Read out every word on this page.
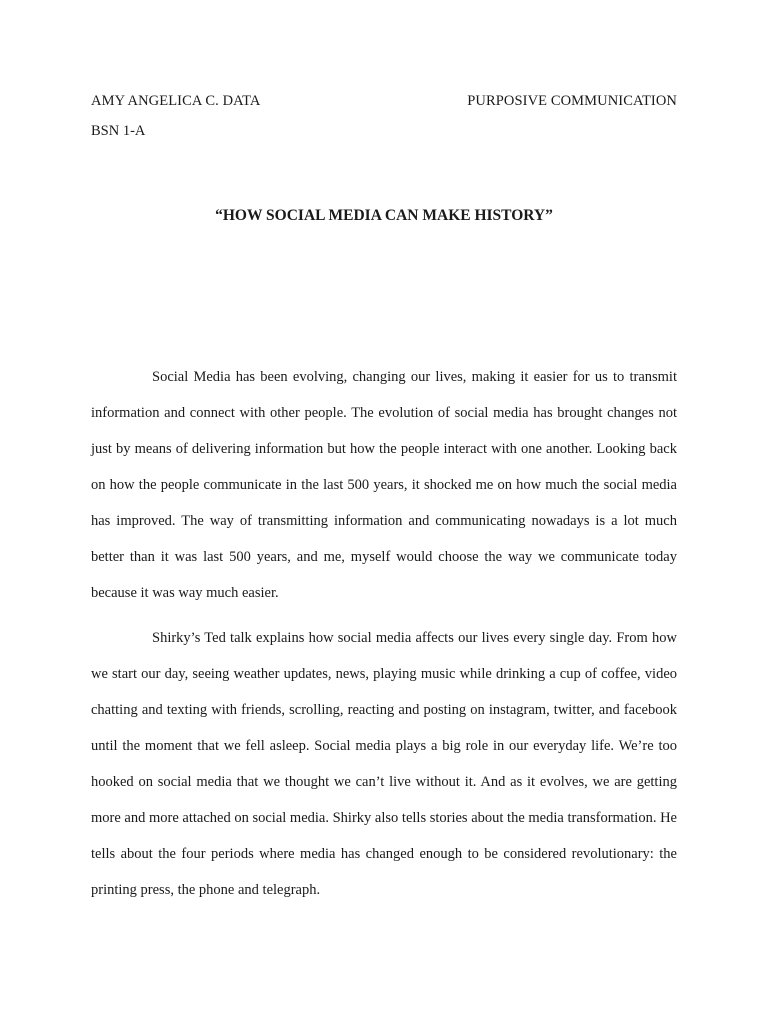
AMY ANGELICA C. DATA	PURPOSIVE COMMUNICATION
BSN 1-A
“HOW SOCIAL MEDIA CAN MAKE HISTORY”

Social Media has been evolving, changing our lives, making it easier for us to transmit information and connect with other people. The evolution of social media has brought changes not just by means of delivering information but how the people interact with one another. Looking back on how the people communicate in the last 500 years, it shocked me on how much the social media has improved. The way of transmitting information and communicating nowadays is a lot much better than it was last 500 years, and me, myself would choose the way we communicate today because it was way much easier.

Shirky’s Ted talk explains how social media affects our lives every single day. From how we start our day, seeing weather updates, news, playing music while drinking a cup of coffee, video chatting and texting with friends, scrolling, reacting and posting on instagram, twitter, and facebook until the moment that we fell asleep. Social media plays a big role in our everyday life. We’re too hooked on social media that we thought we can’t live without it. And as it evolves, we are getting more and more attached on social media. Shirky also tells stories about the media transformation. He tells about the four periods where media has changed enough to be considered revolutionary: the printing press, the phone and telegraph.
